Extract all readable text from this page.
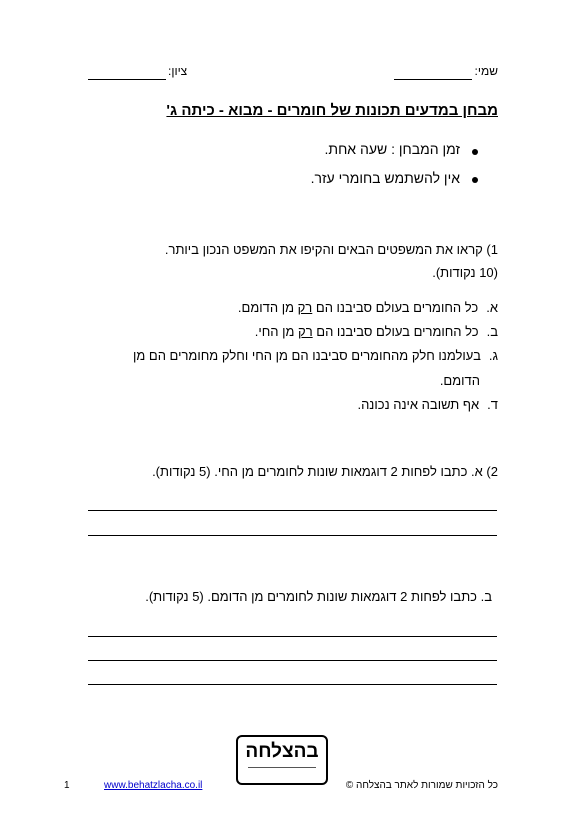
שמי:
ציון:
מבחן במדעים תכונות של חומרים - מבוא - כיתה ג'
זמן המבחן : שעה אחת.
אין להשתמש בחומרי עזר.
1) קראו את המשפטים הבאים והקיפו את המשפט הנכון ביותר.
(10 נקודות).
א.כל החומרים בעולם סביבנו הם רק מן הדומם.
ב.כל החומרים בעולם סביבנו הם רק מן החי.
ג.בעולמנו חלק מהחומרים סביבנו הם מן החי וחלק מחומרים הם מן
הדומם.
ד.אף תשובה אינה נכונה.
2) א. כתבו לפחות 2 דוגמאות שונות לחומרים מן החי. (5 נקודות).
ב. כתבו לפחות 2 דוגמאות שונות לחומרים מן הדומם. (5 נקודות).
בהצלחה
1	www.behatzlacha.co.il	כל הזכויות שמורות לאתר בהצלחה ©
